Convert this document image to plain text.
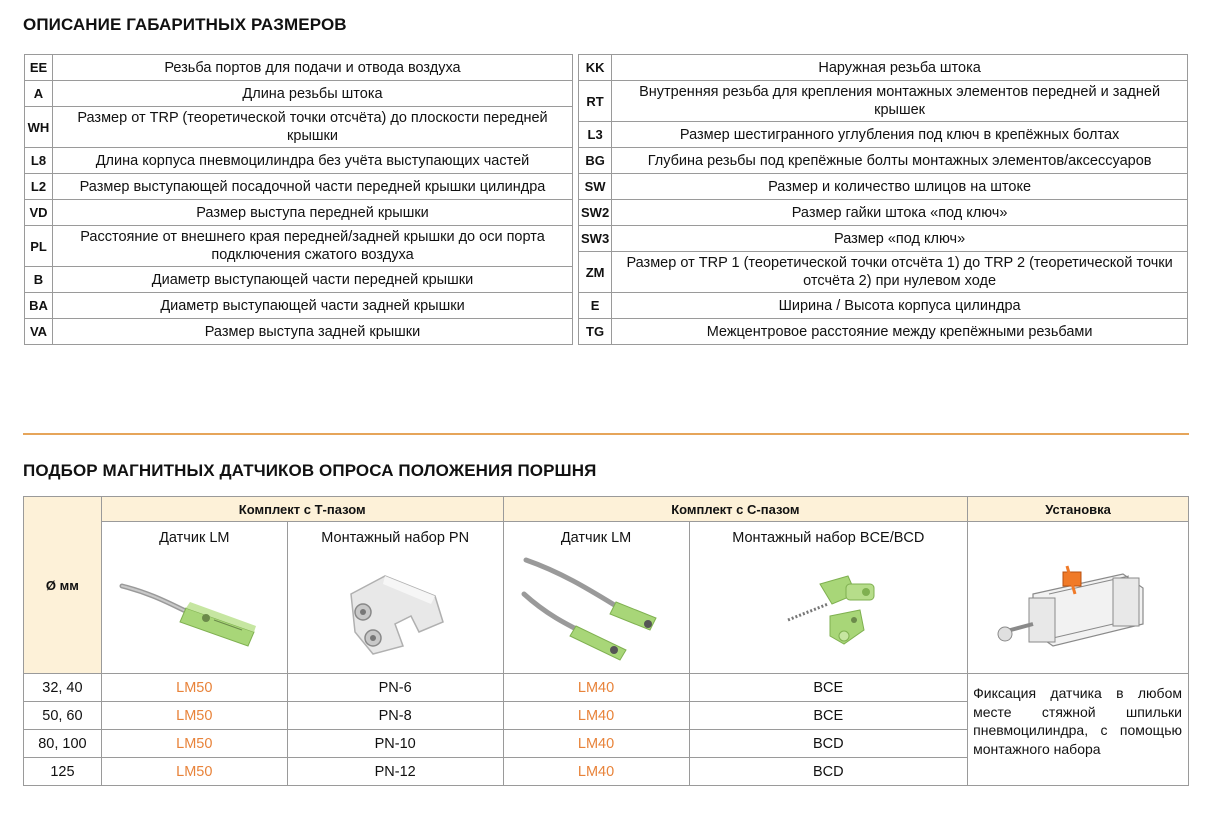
ОПИСАНИЕ ГАБАРИТНЫХ РАЗМЕРОВ
EE	Резьба портов для подачи и отвода воздуха
A	Длина резьбы штока
WH	Размер от TRP (теоретической точки отсчёта) до плоскости передней крышки
L8	Длина корпуса пневмоцилиндра без учёта выступающих частей
L2	Размер выступающей посадочной части передней крышки цилиндра
VD	Размер выступа передней крышки
PL	Расстояние от внешнего края передней/задней крышки до оси порта подключения сжатого воздуха
B	Диаметр выступающей части передней крышки
BA	Диаметр выступающей части задней крышки
VA	Размер выступа задней крышки
KK	Наружная резьба штока
RT	Внутренняя резьба для крепления монтажных элементов передней и задней крышек
L3	Размер шестигранного углубления под ключ в крепёжных болтах
BG	Глубина резьбы под крепёжные болты монтажных элементов/аксессуаров
SW	Размер и количество шлицов на штоке
SW2	Размер гайки штока «под ключ»
SW3	Размер «под ключ»
ZM	Размер от TRP 1 (теоретической точки отсчёта 1) до TRP 2 (теоретической точки отсчёта 2) при нулевом ходе
E	Ширина / Высота корпуса цилиндра
TG	Межцентровое расстояние между крепёжными резьбами
ПОДБОР МАГНИТНЫХ ДАТЧИКОВ ОПРОСА ПОЛОЖЕНИЯ ПОРШНЯ
Ø мм	Комплект с Т-пазом		Комплект с С-пазом		Установка

	Датчик LM	Монтажный набор PN	Датчик LM	Монтажный набор BCE/BCD

32, 40	LM50	PN-6	LM40	BCE	Фиксация датчика в любом месте стяжной шпильки пневмоцилиндра, с помощью монтажного набора
50, 60	LM50	PN-8	LM40	BCE	
80, 100	LM50	PN-10	LM40	BCD	
125	LM50	PN-12	LM40	BCD	
